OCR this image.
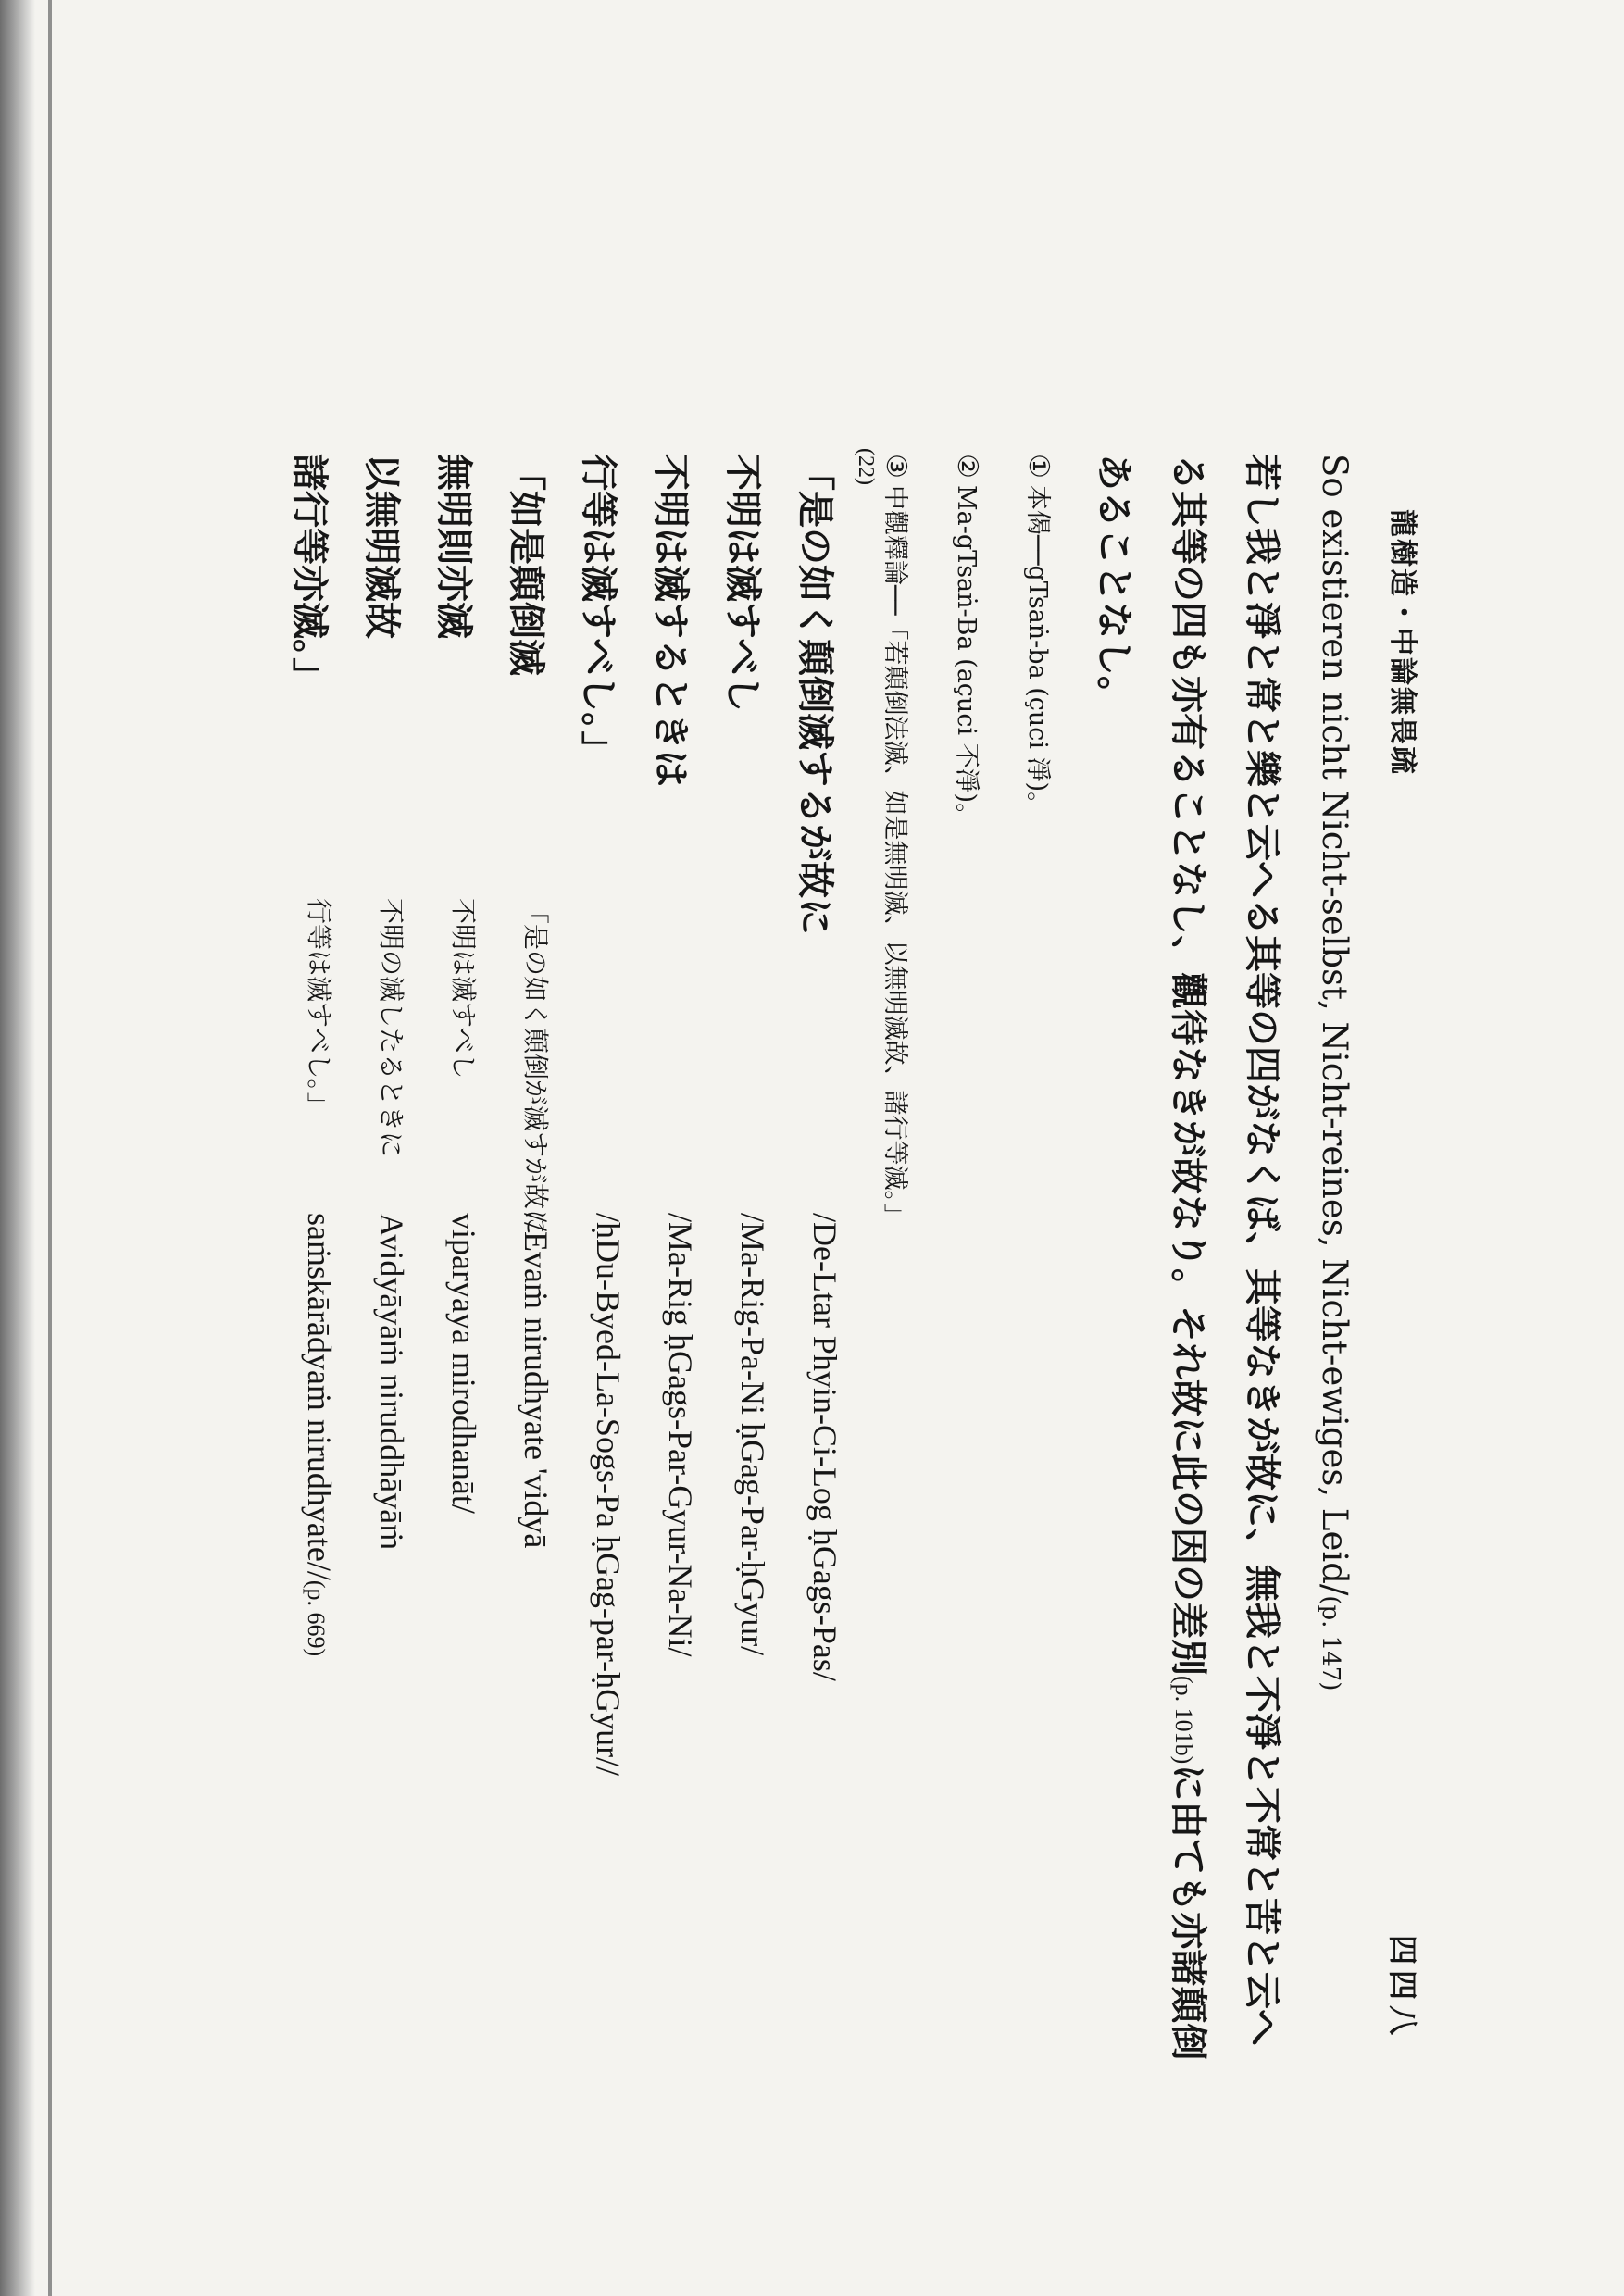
龍樹造・中論無畏疏
四四八
So existieren nicht Nicht-selbst, Nicht-reines, Nicht-ewiges, Leid/(p. 147)
若し我と淨と常と樂と云へる其等の四がなくば、其等なきが故に、無我と不淨と不常と苦と云へ
る其等の四も亦有ることなし、觀待なきが故なり。それ故に此の因の差別(p. 101b)に由ても亦諸顛倒
あることなし。
①本偈──gTsaṅ-ba (çuci 淨)。
②Ma-gTsaṅ-Ba (açuci 不淨)。
③中觀釋論──「若顛倒法滅、如是無明滅、以無明滅故、諸行等滅。」
(22)
「是の如く顛倒滅するが故に
/De-Ltar Phyin-Ci-Log ḥGags-Pas/
不明は滅すべし
/Ma-Rig-Pa-Ni ḥGag-Par-ḥGyur/
不明は滅するときは
/Ma-Rig ḥGags-Par-Gyur-Na-Ni/
行等は滅すべし。」
/ḥDu-Byed-La-Sogs-Pa ḥGag-par-ḥGyur//
「如是顛倒滅
「是の如く顛倒が滅すが故に
//Evaṁ nirudhyate 'vidyā
無明則亦滅
不明は滅すべし
viparyaya mirodhanāt/
以無明滅故
不明の滅したるときに
Avidyāyāṁ niruddhāyāṁ
諸行等亦滅。」
行等は滅すべし。」
saṁskārādyaṁ nirudhyate//(p. 669)
